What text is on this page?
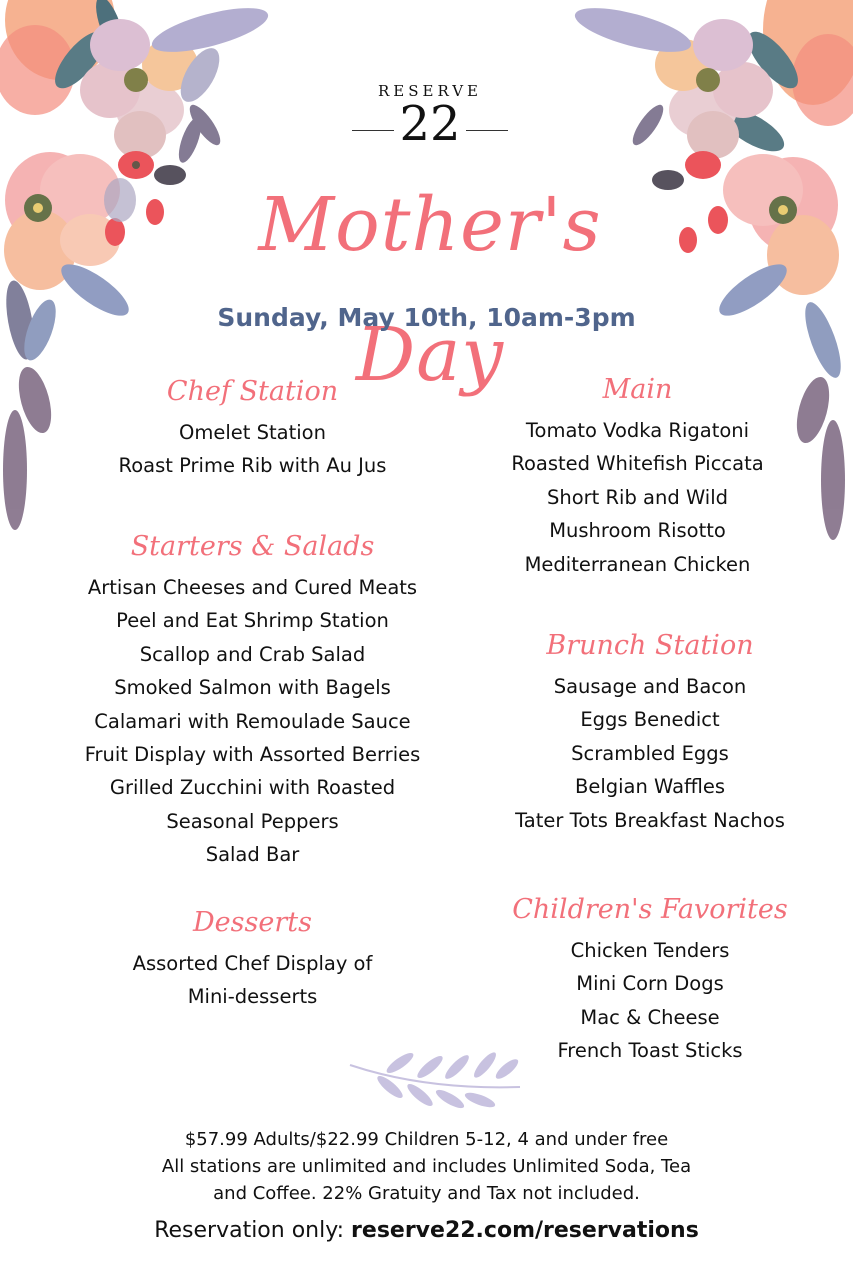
RESERVE
22
Mother's Day
Sunday, May 10th, 10am-3pm
Chef Station
Omelet Station
Roast Prime Rib with Au Jus
Starters & Salads
Artisan Cheeses and Cured Meats
Peel and Eat Shrimp Station
Scallop and Crab Salad
Smoked Salmon with Bagels
Calamari with Remoulade Sauce
Fruit Display with Assorted Berries
Grilled Zucchini with Roasted
Seasonal Peppers
Salad Bar
Desserts
Assorted Chef Display of
Mini-desserts
Main
Tomato Vodka Rigatoni
Roasted Whitefish Piccata
Short Rib and Wild
Mushroom Risotto
Mediterranean Chicken
Brunch Station
Sausage and Bacon
Eggs Benedict
Scrambled Eggs
Belgian Waffles
Tater Tots Breakfast Nachos
Children's Favorites
Chicken Tenders
Mini Corn Dogs
Mac & Cheese
French Toast Sticks
$57.99 Adults/$22.99 Children 5-12, 4 and under free
All stations are unlimited and includes Unlimited Soda, Tea
and Coffee. 22% Gratuity and Tax not included.
Reservation only: reserve22.com/reservations
